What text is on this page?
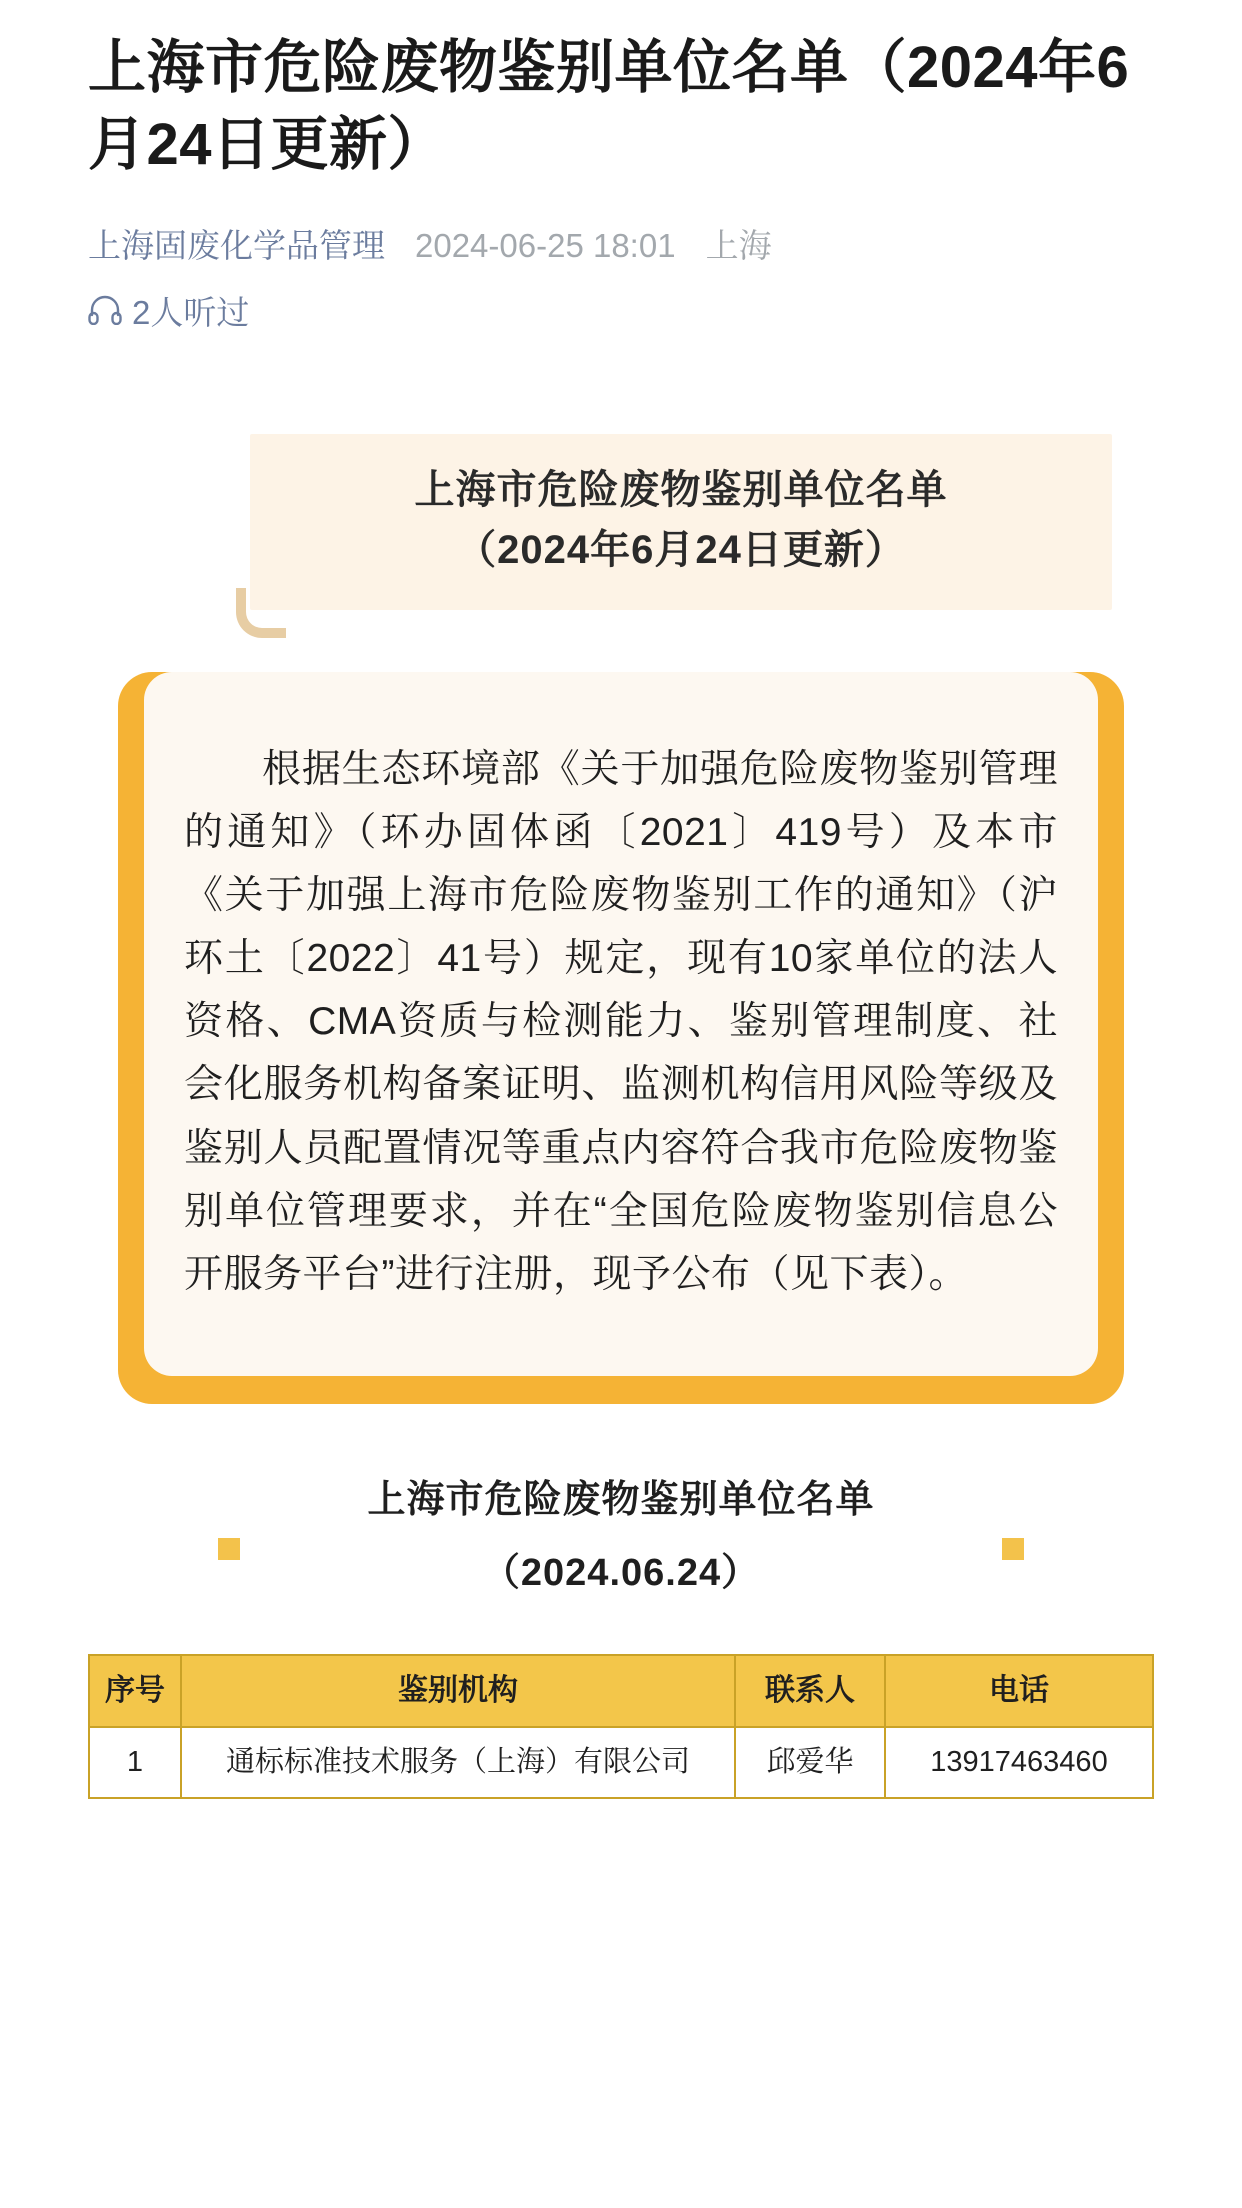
上海市危险废物鉴别单位名单（2024年6月24日更新）
上海固废化学品管理 2024-06-25 18:01 上海
2人听过
上海市危险废物鉴别单位名单
（2024年6月24日更新）
根据生态环境部《关于加强危险废物鉴别管理的通知》（环办固体函〔2021〕419号）及本市《关于加强上海市危险废物鉴别工作的通知》（沪环土〔2022〕41号）规定，现有10家单位的法人资格、CMA资质与检测能力、鉴别管理制度、社会化服务机构备案证明、监测机构信用风险等级及鉴别人员配置情况等重点内容符合我市危险废物鉴别单位管理要求，并在“全国危险废物鉴别信息公开服务平台”进行注册，现予公布（见下表）。
上海市危险废物鉴别单位名单
（2024.06.24）
序号	鉴别机构	联系人	电话
1	通标标准技术服务（上海）有限公司	邱爱华	13917463460
